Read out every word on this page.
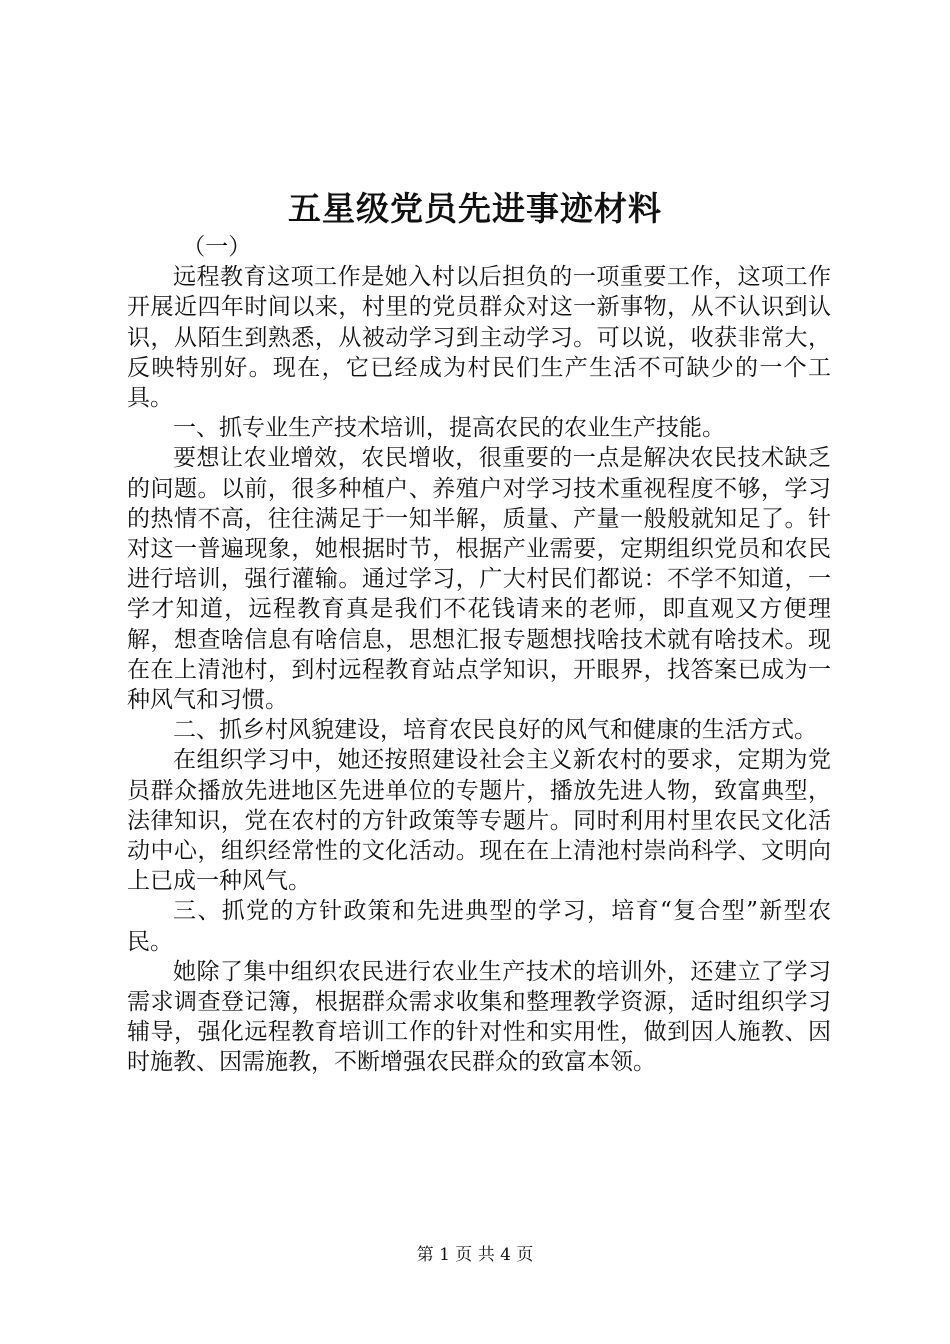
五星级党员先进事迹材料

（一）

远程教育这项工作是她入村以后担负的一项重要工作，这项工作开展近四年时间以来，村里的党员群众对这一新事物，从不认识到认识，从陌生到熟悉，从被动学习到主动学习。可以说，收获非常大，反映特别好。现在，它已经成为村民们生产生活不可缺少的一个工具。

一、抓专业生产技术培训，提高农民的农业生产技能。

要想让农业增效，农民增收，很重要的一点是解决农民技术缺乏的问题。以前，很多种植户、养殖户对学习技术重视程度不够，学习的热情不高，往往满足于一知半解，质量、产量一般般就知足了。针对这一普遍现象，她根据时节，根据产业需要，定期组织党员和农民进行培训，强行灌输。通过学习，广大村民们都说：不学不知道，一学才知道，远程教育真是我们不花钱请来的老师，即直观又方便理解，想查啥信息有啥信息，思想汇报专题想找啥技术就有啥技术。现在在上清池村，到村远程教育站点学知识，开眼界，找答案已成为一种风气和习惯。

二、抓乡村风貌建设，培育农民良好的风气和健康的生活方式。

在组织学习中，她还按照建设社会主义新农村的要求，定期为党员群众播放先进地区先进单位的专题片，播放先进人物，致富典型，法律知识，党在农村的方针政策等专题片。同时利用村里农民文化活动中心，组织经常性的文化活动。现在在上清池村崇尚科学、文明向上已成一种风气。

三、抓党的方针政策和先进典型的学习，培育“复合型”新型农民。

她除了集中组织农民进行农业生产技术的培训外，还建立了学习需求调查登记簿，根据群众需求收集和整理教学资源，适时组织学习辅导，强化远程教育培训工作的针对性和实用性，做到因人施教、因时施教、因需施教，不断增强农民群众的致富本领。

第 1 页 共 4 页
